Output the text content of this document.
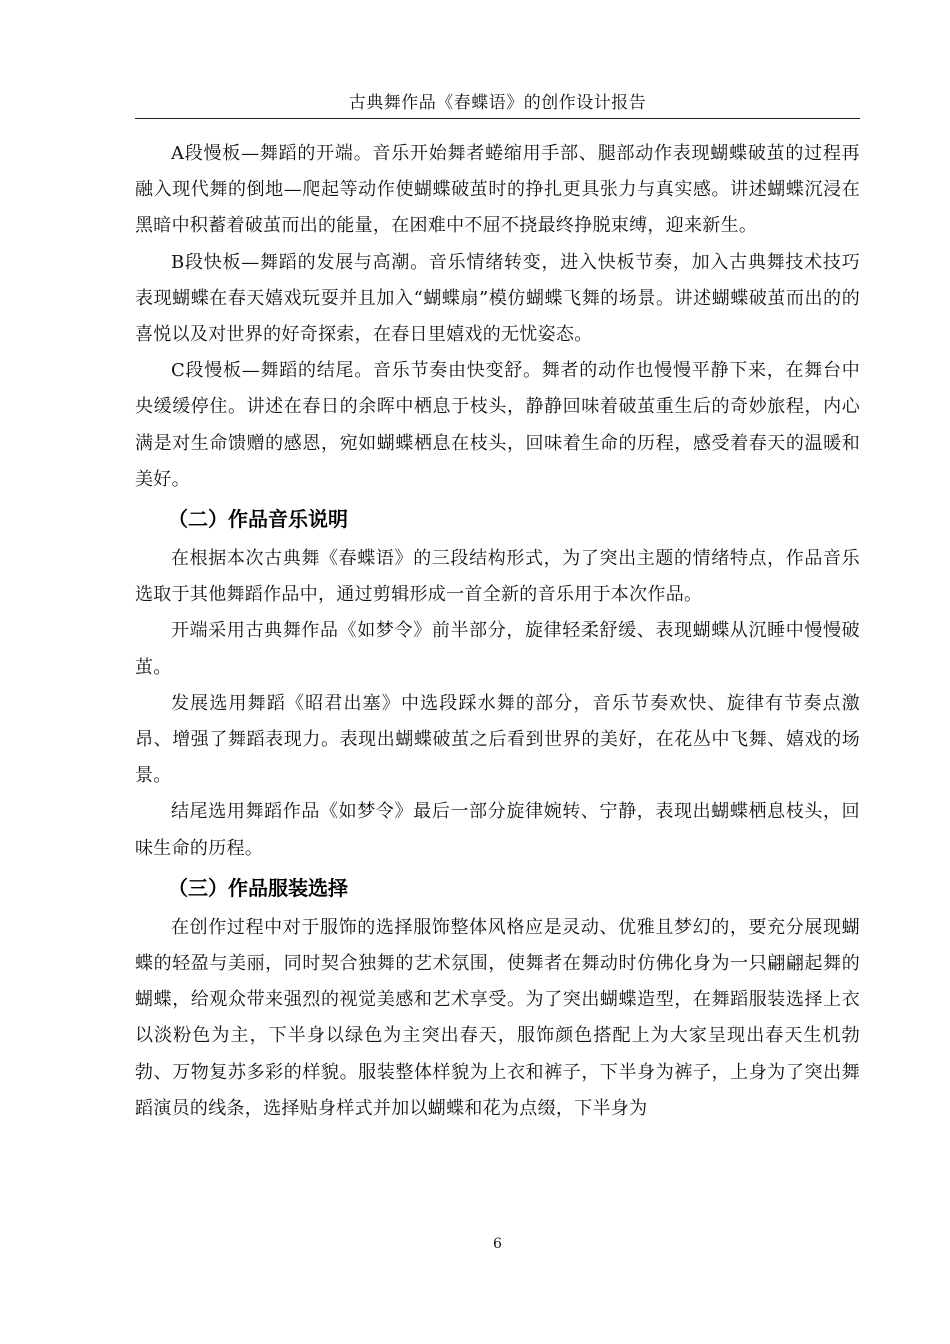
古典舞作品《春蝶语》的创作设计报告

A段慢板—舞蹈的开端。音乐开始舞者蜷缩用手部、腿部动作表现蝴蝶破茧的过程再融入现代舞的倒地—爬起等动作使蝴蝶破茧时的挣扎更具张力与真实感。讲述蝴蝶沉浸在黑暗中积蓄着破茧而出的能量，在困难中不屈不挠最终挣脱束缚，迎来新生。

B段快板—舞蹈的发展与高潮。音乐情绪转变，进入快板节奏，加入古典舞技术技巧表现蝴蝶在春天嬉戏玩耍并且加入“蝴蝶扇”模仿蝴蝶飞舞的场景。讲述蝴蝶破茧而出的的喜悦以及对世界的好奇探索，在春日里嬉戏的无忧姿态。

C段慢板—舞蹈的结尾。音乐节奏由快变舒。舞者的动作也慢慢平静下来，在舞台中央缓缓停住。讲述在春日的余晖中栖息于枝头，静静回味着破茧重生后的奇妙旅程，内心满是对生命馈赠的感恩，宛如蝴蝶栖息在枝头，回味着生命的历程，感受着春天的温暖和美好。

（二）作品音乐说明

在根据本次古典舞《春蝶语》的三段结构形式，为了突出主题的情绪特点，作品音乐选取于其他舞蹈作品中，通过剪辑形成一首全新的音乐用于本次作品。

开端采用古典舞作品《如梦令》前半部分，旋律轻柔舒缓、表现蝴蝶从沉睡中慢慢破茧。

发展选用舞蹈《昭君出塞》中选段踩水舞的部分，音乐节奏欢快、旋律有节奏点激昂、增强了舞蹈表现力。表现出蝴蝶破茧之后看到世界的美好，在花丛中飞舞、嬉戏的场景。

结尾选用舞蹈作品《如梦令》最后一部分旋律婉转、宁静，表现出蝴蝶栖息枝头，回味生命的历程。

（三）作品服装选择

在创作过程中对于服饰的选择服饰整体风格应是灵动、优雅且梦幻的，要充分展现蝴蝶的轻盈与美丽，同时契合独舞的艺术氛围，使舞者在舞动时仿佛化身为一只翩翩起舞的蝴蝶，给观众带来强烈的视觉美感和艺术享受。为了突出蝴蝶造型，在舞蹈服装选择上衣以淡粉色为主，下半身以绿色为主突出春天，服饰颜色搭配上为大家呈现出春天生机勃勃、万物复苏多彩的样貌。服装整体样貌为上衣和裤子，下半身为裤子，上身为了突出舞蹈演员的线条，选择贴身样式并加以蝴蝶和花为点缀，下半身为

6
